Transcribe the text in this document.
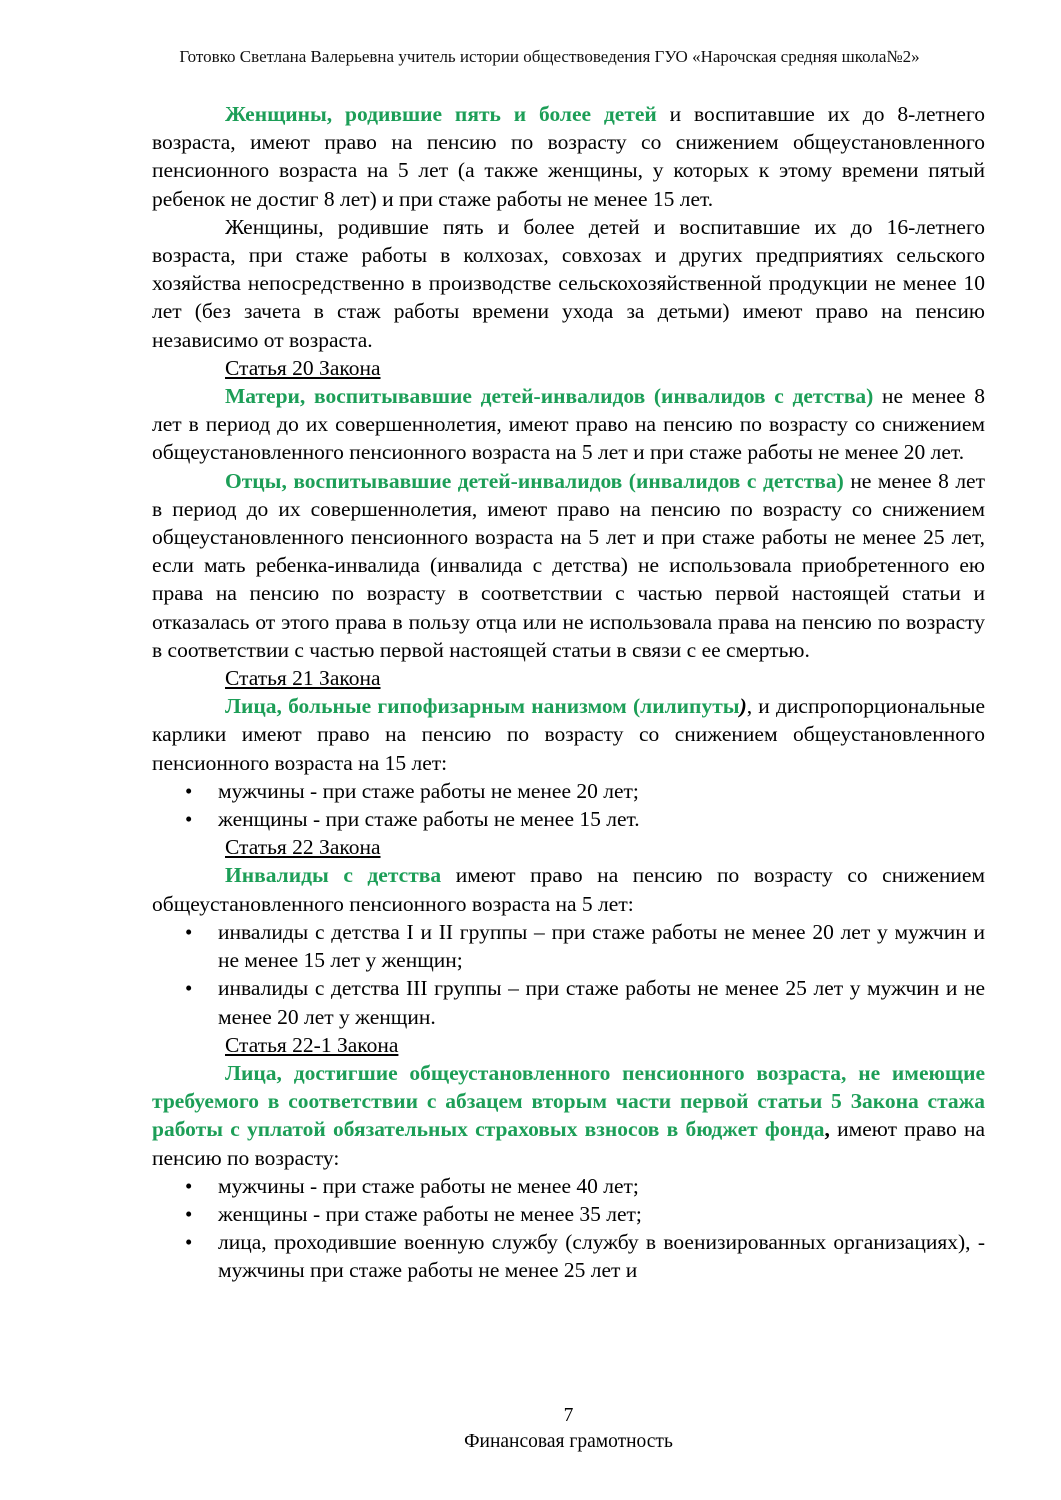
Готовко Светлана Валерьевна учитель истории обществоведения ГУО «Нарочская средняя школа№2»
Женщины, родившие пять и более детей и воспитавшие их до 8-летнего возраста, имеют право на пенсию по возрасту со снижением общеустановленного пенсионного возраста на 5 лет (а также женщины, у которых к этому времени пятый ребенок не достиг 8 лет) и при стаже работы не менее 15 лет.
Женщины, родившие пять и более детей и воспитавшие их до 16-летнего возраста, при стаже работы в колхозах, совхозах и других предприятиях сельского хозяйства непосредственно в производстве сельскохозяйственной продукции не менее 10 лет (без зачета в стаж работы времени ухода за детьми) имеют право на пенсию независимо от возраста.
Статья 20 Закона
Матери, воспитывавшие детей-инвалидов (инвалидов с детства) не менее 8 лет в период до их совершеннолетия, имеют право на пенсию по возрасту со снижением общеустановленного пенсионного возраста на 5 лет и при стаже работы не менее 20 лет.
Отцы, воспитывавшие детей-инвалидов (инвалидов с детства) не менее 8 лет в период до их совершеннолетия, имеют право на пенсию по возрасту со снижением общеустановленного пенсионного возраста на 5 лет и при стаже работы не менее 25 лет, если мать ребенка-инвалида (инвалида с детства) не использовала приобретенного ею права на пенсию по возрасту в соответствии с частью первой настоящей статьи и отказалась от этого права в пользу отца или не использовала права на пенсию по возрасту в соответствии с частью первой настоящей статьи в связи с ее смертью.
Статья 21 Закона
Лица, больные гипофизарным нанизмом (лилипуты), и диспропорциональные карлики имеют право на пенсию по возрасту со снижением общеустановленного пенсионного возраста на 15 лет:
• мужчины - при стаже работы не менее 20 лет;
• женщины - при стаже работы не менее 15 лет.
Статья 22 Закона
Инвалиды с детства имеют право на пенсию по возрасту со снижением общеустановленного пенсионного возраста на 5 лет:
• инвалиды с детства I и II группы – при стаже работы не менее 20 лет у мужчин и не менее 15 лет у женщин;
• инвалиды с детства III группы – при стаже работы не менее 25 лет у мужчин и не менее 20 лет у женщин.
Статья 22-1 Закона
Лица, достигшие общеустановленного пенсионного возраста, не имеющие требуемого в соответствии с абзацем вторым части первой статьи 5 Закона стажа работы с уплатой обязательных страховых взносов в бюджет фонда, имеют право на пенсию по возрасту:
• мужчины - при стаже работы не менее 40 лет;
• женщины - при стаже работы не менее 35 лет;
• лица, проходившие военную службу (службу в военизированных организациях), - мужчины при стаже работы не менее 25 лет и
7
Финансовая грамотность
